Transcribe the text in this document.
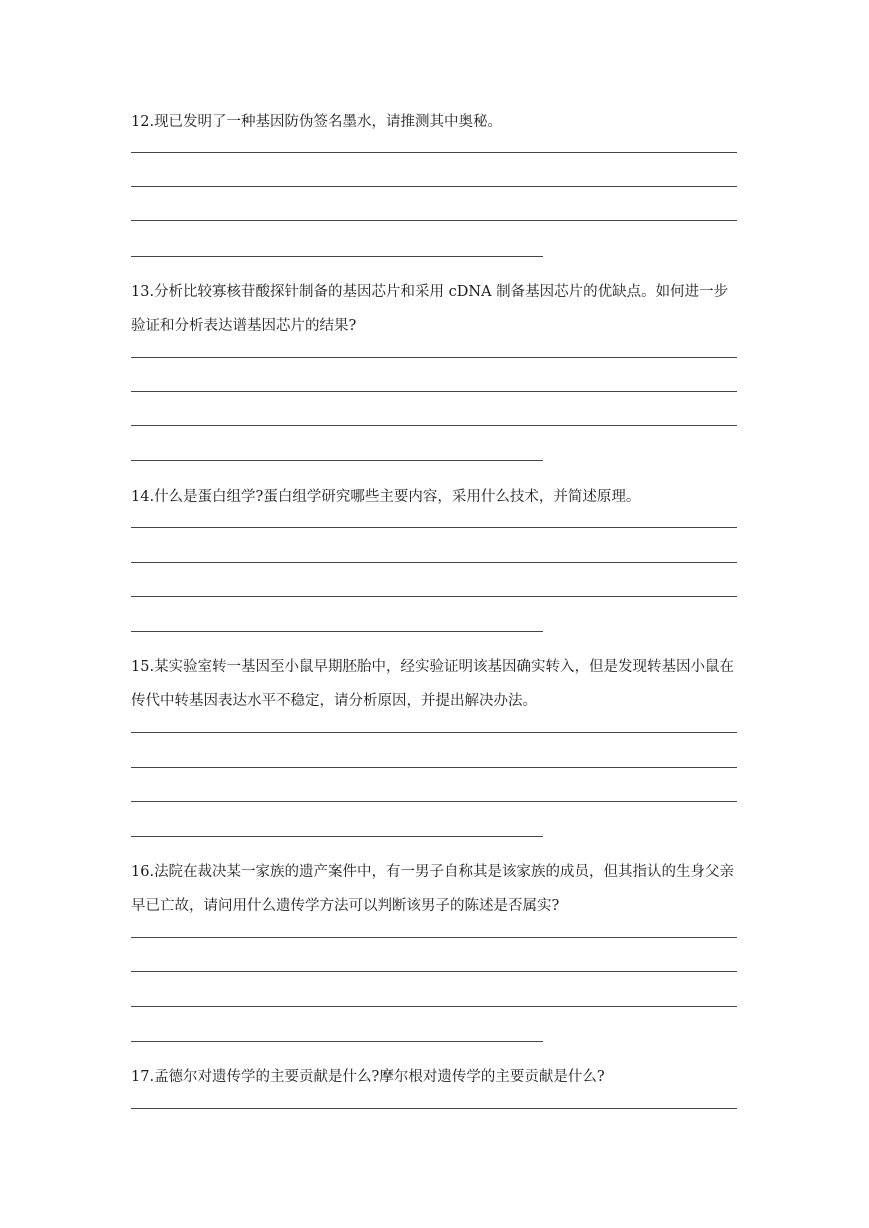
12.现已发明了一种基因防伪签名墨水，请推测其中奥秘。

13.分析比较寡核苷酸探针制备的基因芯片和采用 cDNA 制备基因芯片的优缺点。如何进一步验证和分析表达谱基因芯片的结果?

14.什么是蛋白组学?蛋白组学研究哪些主要内容，采用什么技术，并简述原理。

15.某实验室转一基因至小鼠早期胚胎中，经实验证明该基因确实转入，但是发现转基因小鼠在传代中转基因表达水平不稳定，请分析原因，并提出解决办法。

16.法院在裁决某一家族的遗产案件中，有一男子自称其是该家族的成员，但其指认的生身父亲早已亡故，请问用什么遗传学方法可以判断该男子的陈述是否属实?

17.孟德尔对遗传学的主要贡献是什么?摩尔根对遗传学的主要贡献是什么?
